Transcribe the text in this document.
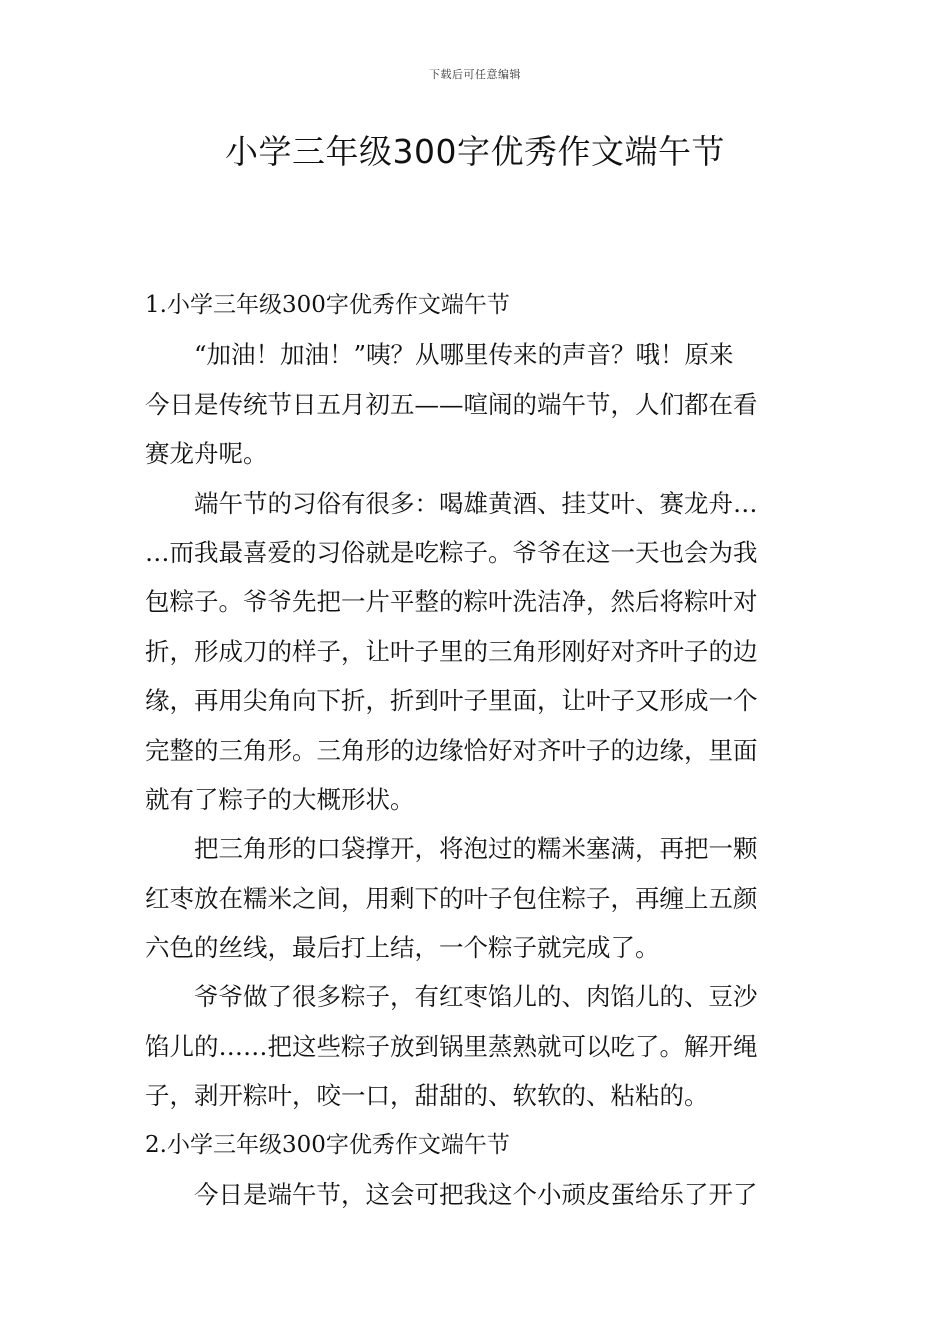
下载后可任意编辑
小学三年级300字优秀作文端午节
1.小学三年级300字优秀作文端午节
“加油！加油！”咦？从哪里传来的声音？哦！原来
今日是传统节日五月初五——喧闹的端午节，人们都在看
赛龙舟呢。
端午节的习俗有很多：喝雄黄酒、挂艾叶、赛龙舟…
…而我最喜爱的习俗就是吃粽子。爷爷在这一天也会为我
包粽子。爷爷先把一片平整的粽叶洗洁净，然后将粽叶对
折，形成刀的样子，让叶子里的三角形刚好对齐叶子的边
缘，再用尖角向下折，折到叶子里面，让叶子又形成一个
完整的三角形。三角形的边缘恰好对齐叶子的边缘，里面
就有了粽子的大概形状。
把三角形的口袋撑开，将泡过的糯米塞满，再把一颗
红枣放在糯米之间，用剩下的叶子包住粽子，再缠上五颜
六色的丝线，最后打上结，一个粽子就完成了。
爷爷做了很多粽子，有红枣馅儿的、肉馅儿的、豆沙
馅儿的……把这些粽子放到锅里蒸熟就可以吃了。解开绳
子，剥开粽叶，咬一口，甜甜的、软软的、粘粘的。
2.小学三年级300字优秀作文端午节
今日是端午节，这会可把我这个小顽皮蛋给乐了开了
